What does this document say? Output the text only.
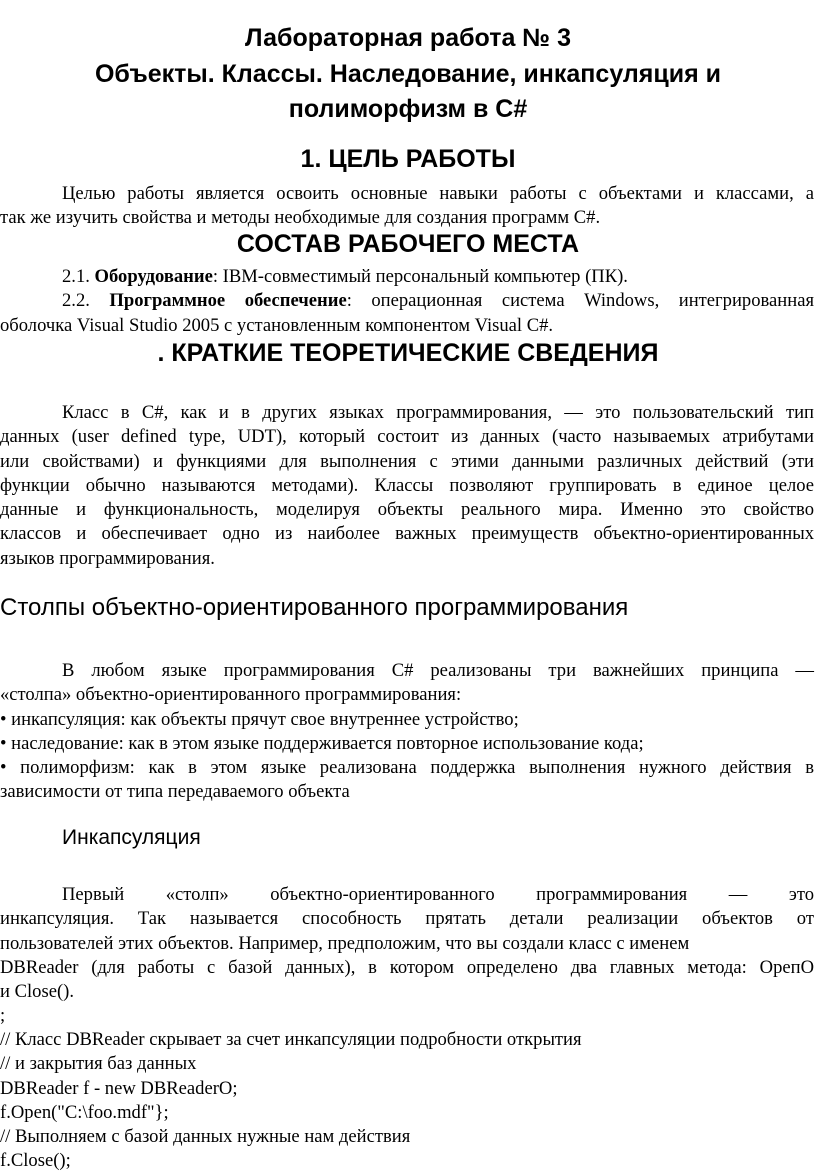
Лабораторная работа № 3
Объекты. Классы. Наследование, инкапсуляция и
полиморфизм в С#
1. ЦЕЛЬ РАБОТЫ
Целью работы является освоить основные навыки работы с объектами и классами, а
так же изучить свойства и методы необходимые для создания программ С#.
СОСТАВ РАБОЧЕГО МЕСТА
2.1. Оборудование: IBM-совместимый персональный компьютер (ПК).
2.2. Программное обеспечение: операционная система Windows, интегрированная
оболочка Visual Studio 2005 с установленным компонентом Visual C#.
. КРАТКИЕ ТЕОРЕТИЧЕСКИЕ СВЕДЕНИЯ
Класс в С#, как и в других языках программирования, — это пользовательский тип
данных (user defined type, UDT), который состоит из данных (часто называемых атрибутами
или свойствами) и функциями для выполнения с этими данными различных действий (эти
функции обычно называются методами). Классы позволяют группировать в единое целое
данные и функциональность, моделируя объекты реального мира. Именно это свойство
классов и обеспечивает одно из наиболее важных преимуществ объектно-ориентированных
языков программирования.
Столпы объектно-ориентированного программирования
В любом языке программирования С# реализованы три важнейших принципа —
«столпа» объектно-ориентированного программирования:
• инкапсуляция: как объекты прячут свое внутреннее устройство;
• наследование: как в этом языке поддерживается повторное использование кода;
• полиморфизм: как в этом языке реализована поддержка выполнения нужного действия в
зависимости от типа передаваемого объекта
Инкапсуляция
Первый «столп» объектно-ориентированного программирования — это
инкапсуляция. Так называется способность прятать детали реализации объектов от
пользователей этих объектов. Например, предположим, что вы создали класс с именем
DBReader (для работы с базой данных), в котором определено два главных метода: ОрепО
и Close().
;
// Класс DBReader скрывает за счет инкапсуляции подробности открытия
// и закрытия баз данных
DBReader f - new DBReaderO;
f.Open("C:\foo.mdf"};
// Выполняем с базой данных нужные нам действия
f.Close();
